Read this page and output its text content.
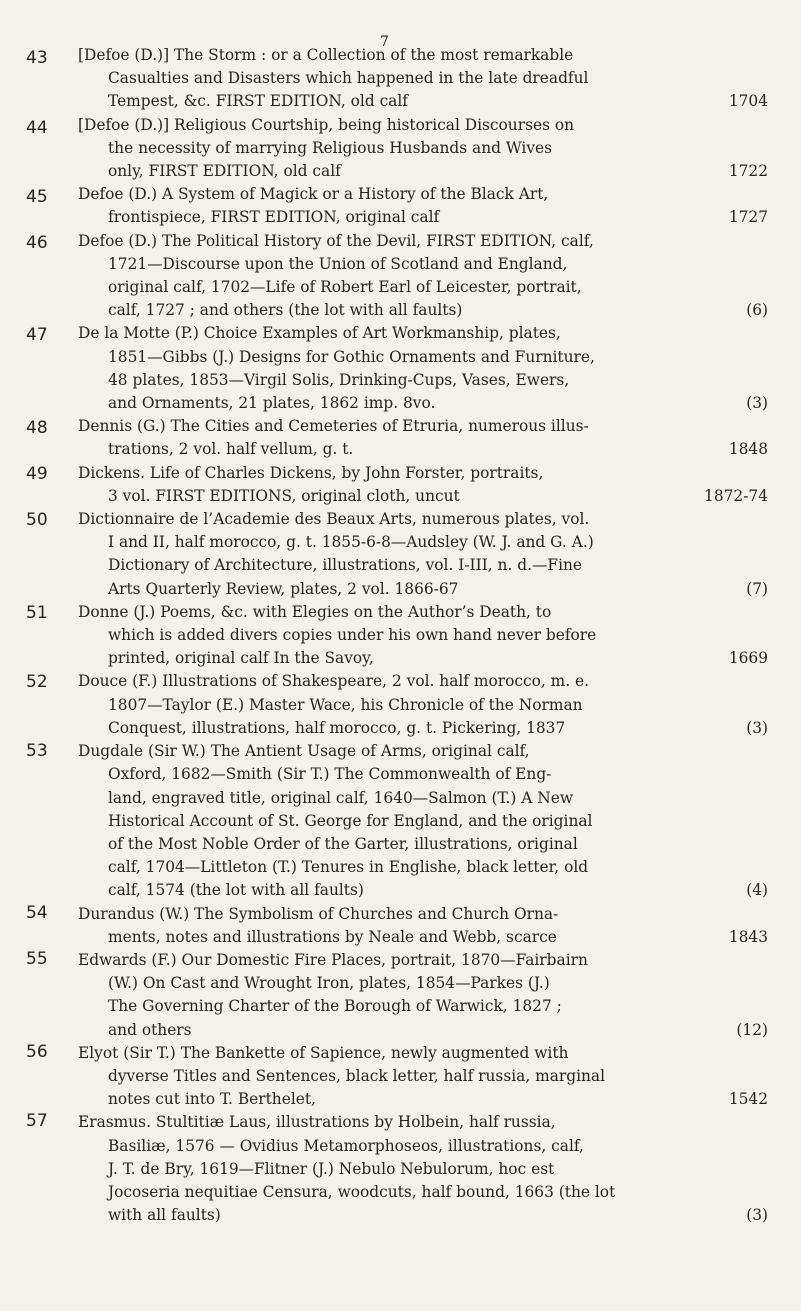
7
43
44
45
46
47
48
49
50
51
52
53
54
55
56
57
[Defoe (D.)] The Storm : or a Collection of the most remarkable
Casualties and Disasters which happened in the late dreadful
1704
Tempest, &c. FIRST EDITION, old calf
[Defoe (D.)] Religious Courtship, being historical Discourses on
the necessity of marrying Religious Husbands and Wives
1722
only, FIRST EDITION, old calf
Defoe (D.) A System of Magick or a History of the Black Art,
1727
frontispiece, FIRST EDITION, original calf
Defoe (D.) The Political History of the Devil, FIRST EDITION, calf,
1721—Discourse upon the Union of Scotland and England,
original calf, 1702—Life of Robert Earl of Leicester, portrait,
(6)
calf, 1727 ; and others (the lot with all faults)
De la Motte (P.) Choice Examples of Art Workmanship, plates,
1851—Gibbs (J.) Designs for Gothic Ornaments and Furniture,
48 plates, 1853—Virgil Solis, Drinking-Cups, Vases, Ewers,
(3)
and Ornaments, 21 plates, 1862 imp. 8vo.
Dennis (G.) The Cities and Cemeteries of Etruria, numerous illus-
1848
trations, 2 vol. half vellum, g. t.
Dickens. Life of Charles Dickens, by John Forster, portraits,
1872-74
3 vol. FIRST EDITIONS, original cloth, uncut
Dictionnaire de l’Academie des Beaux Arts, numerous plates, vol.
I and II, half morocco, g. t. 1855-6-8—Audsley (W. J. and G. A.)
Dictionary of Architecture, illustrations, vol. I-III, n. d.—Fine
(7)
Arts Quarterly Review, plates, 2 vol. 1866-67
Donne (J.) Poems, &c. with Elegies on the Author’s Death, to
which is added divers copies under his own hand never before
1669
printed, original calf In the Savoy,
Douce (F.) Illustrations of Shakespeare, 2 vol. half morocco, m. e.
1807—Taylor (E.) Master Wace, his Chronicle of the Norman
(3)
Conquest, illustrations, half morocco, g. t. Pickering, 1837
Dugdale (Sir W.) The Antient Usage of Arms, original calf,
Oxford, 1682—Smith (Sir T.) The Commonwealth of Eng-
land, engraved title, original calf, 1640—Salmon (T.) A New
Historical Account of St. George for England, and the original
of the Most Noble Order of the Garter, illustrations, original
calf, 1704—Littleton (T.) Tenures in Englishe, black letter, old
(4)
calf, 1574 (the lot with all faults)
Durandus (W.) The Symbolism of Churches and Church Orna-
1843
ments, notes and illustrations by Neale and Webb, scarce
Edwards (F.) Our Domestic Fire Places, portrait, 1870—Fairbairn
(W.) On Cast and Wrought Iron, plates, 1854—Parkes (J.)
The Governing Charter of the Borough of Warwick, 1827 ;
(12)
and others
Elyot (Sir T.) The Bankette of Sapience, newly augmented with
dyverse Titles and Sentences, black letter, half russia, marginal
1542
notes cut into T. Berthelet,
Erasmus. Stultitiæ Laus, illustrations by Holbein, half russia,
Basiliæ, 1576 — Ovidius Metamorphoseos, illustrations, calf,
J. T. de Bry, 1619—Flitner (J.) Nebulo Nebulorum, hoc est
Jocoseria nequitiae Censura, woodcuts, half bound, 1663 (the lot
(3)
with all faults)
